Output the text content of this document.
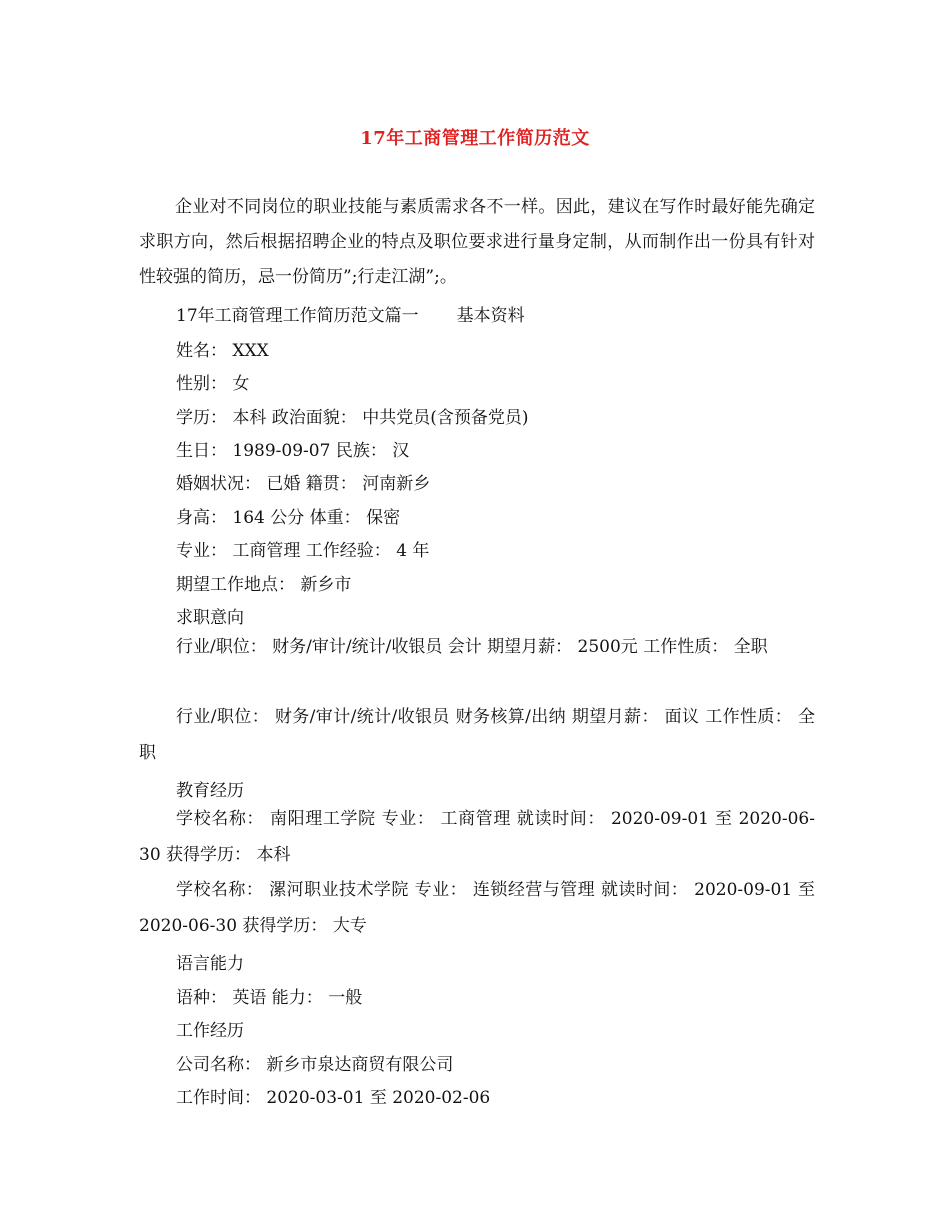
17年工商管理工作简历范文
企业对不同岗位的职业技能与素质需求各不一样。因此，建议在写作时最好能先确定求职方向，然后根据招聘企业的特点及职位要求进行量身定制，从而制作出一份具有针对性较强的简历，忌一份简历”;行走江湖”;。
17年工商管理工作简历范文篇一 基本资料
姓名： XXX
性别： 女
学历： 本科 政治面貌： 中共党员(含预备党员)
生日： 1989-09-07 民族： 汉
婚姻状况： 已婚 籍贯： 河南新乡
身高： 164 公分 体重： 保密
专业： 工商管理 工作经验： 4 年
期望工作地点： 新乡市
求职意向
行业/职位： 财务/审计/统计/收银员 会计 期望月薪： 2500元 工作性质： 全职
行业/职位： 财务/审计/统计/收银员 财务核算/出纳 期望月薪： 面议 工作性质： 全职
教育经历
学校名称： 南阳理工学院 专业： 工商管理 就读时间： 2020-09-01 至 2020-06-30 获得学历： 本科
学校名称： 漯河职业技术学院 专业： 连锁经营与管理 就读时间： 2020-09-01 至 2020-06-30 获得学历： 大专
语言能力
语种： 英语 能力： 一般
工作经历
公司名称： 新乡市泉达商贸有限公司
工作时间： 2020-03-01 至 2020-02-06
